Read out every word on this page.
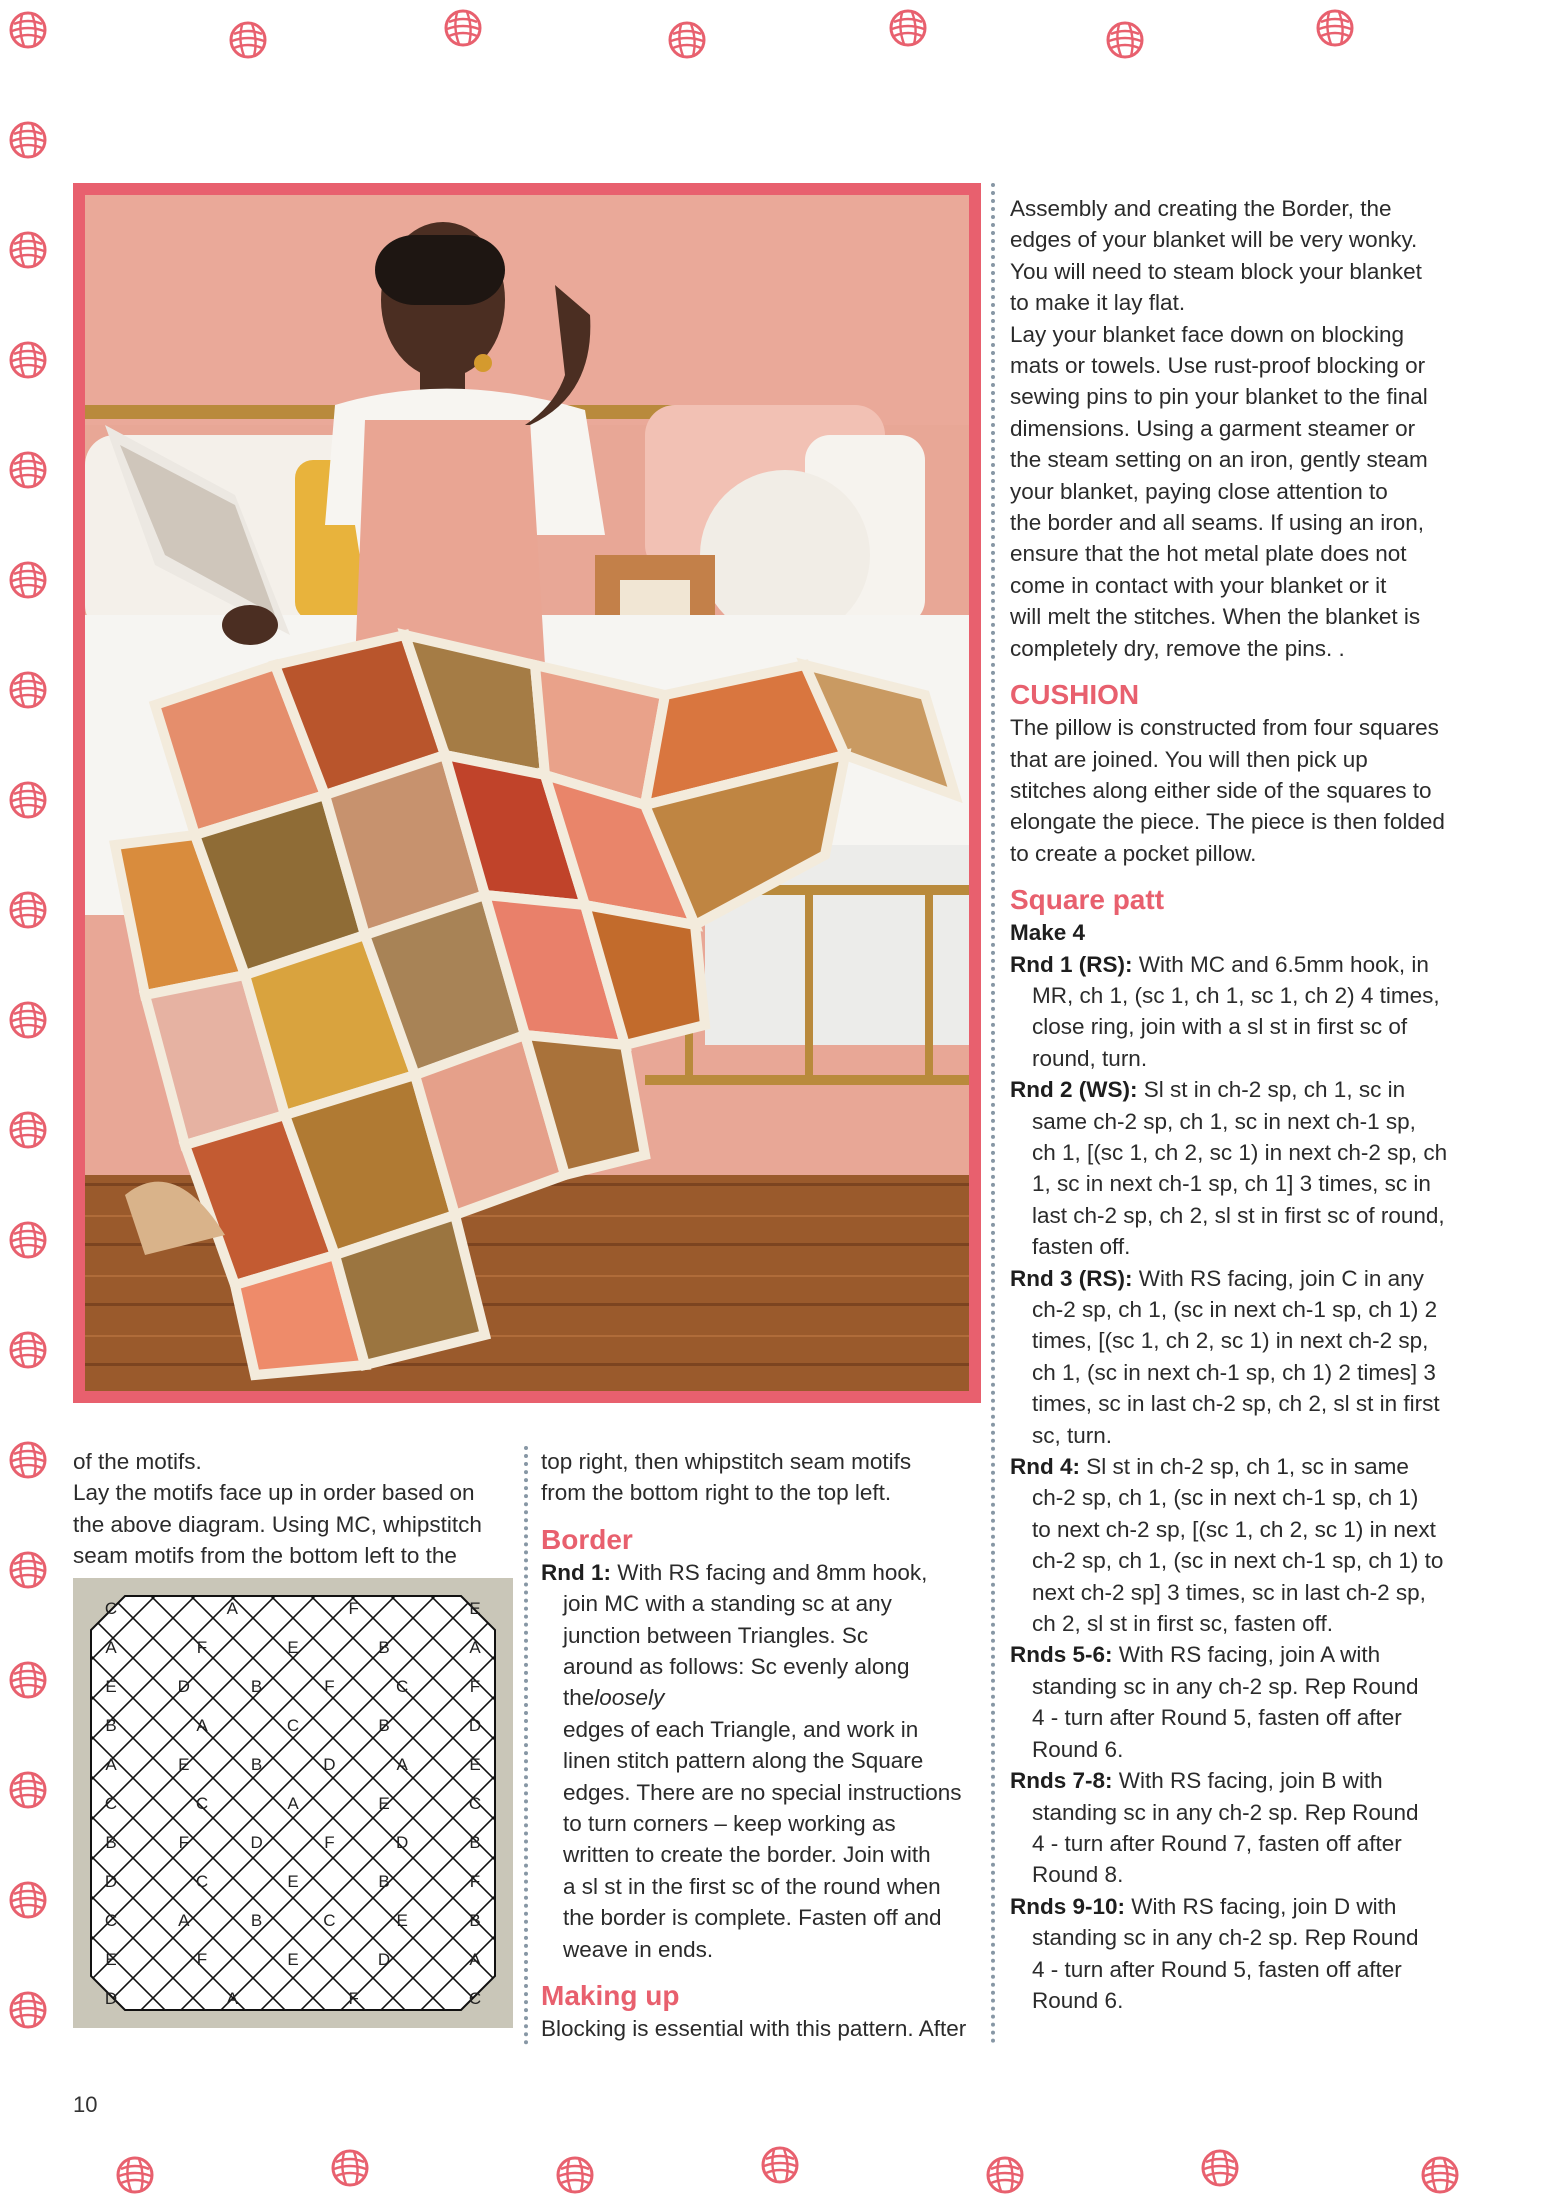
Assembly and creating the Border, the

edges of your blanket will be very wonky.

You will need to steam block your blanket

to make it lay flat.

Lay your blanket face down on blocking

mats or towels. Use rust-proof blocking or

sewing pins to pin your blanket to the final

dimensions. Using a garment steamer or

the steam setting on an iron, gently steam

your blanket, paying close attention to

the border and all seams. If using an iron,

ensure that the hot metal plate does not

come in contact with your blanket or it

will melt the stitches. When the blanket is

completely dry, remove the pins. .

CUSHION

The pillow is constructed from four squares

that are joined. You will then pick up

stitches along either side of the squares to

elongate the piece. The piece is then folded

to create a pocket pillow.

Square patt

Make 4

Rnd 1 (RS): With MC and 6.5mm hook, in
MR, ch 1, (sc 1, ch 1, sc 1, ch 2) 4 times,
close ring, join with a sl st in first sc of
round, turn.

Rnd 2 (WS): Sl st in ch-2 sp, ch 1, sc in
same ch-2 sp, ch 1, sc in next ch-1 sp,
ch 1, [(sc 1, ch 2, sc 1) in next ch-2 sp, ch
1, sc in next ch-1 sp, ch 1] 3 times, sc in
last ch-2 sp, ch 2, sl st in first sc of round,
fasten off.

Rnd 3 (RS): With RS facing, join C in any
ch-2 sp, ch 1, (sc in next ch-1 sp, ch 1) 2
times, [(sc 1, ch 2, sc 1) in next ch-2 sp,
ch 1, (sc in next ch-1 sp, ch 1) 2 times] 3
times, sc in last ch-2 sp, ch 2, sl st in first
sc, turn.

Rnd 4: Sl st in ch-2 sp, ch 1, sc in same
ch-2 sp, ch 1, (sc in next ch-1 sp, ch 1)
to next ch-2 sp, [(sc 1, ch 2, sc 1) in next
ch-2 sp, ch 1, (sc in next ch-1 sp, ch 1) to
next ch-2 sp] 3 times, sc in last ch-2 sp,
ch 2, sl st in first sc, fasten off.

Rnds 5-6: With RS facing, join A with
standing sc in any ch-2 sp. Rep Round
4 - turn after Round 5, fasten off after
Round 6.

Rnds 7-8: With RS facing, join B with
standing sc in any ch-2 sp. Rep Round
4 - turn after Round 7, fasten off after
Round 8.

Rnds 9-10: With RS facing, join D with
standing sc in any ch-2 sp. Rep Round
4 - turn after Round 5, fasten off after
Round 6.

of the motifs.

Lay the motifs face up in order based on

the above diagram. Using MC, whipstitch

seam motifs from the bottom left to the

C	A	F	E
A	F	E	B	A
E	D	B	F	C	F
B	A	C	B	D
A	E	B	D	A	E
C	C	A	E	C
B	F	D	F	D	B
D	C	E	B	F
C	A	B	C	E	B
E	F	E	D	A
D	A	F	C

top right, then whipstitch seam motifs

from the bottom right to the top left.

Border

Rnd 1: With RS facing and 8mm hook,
join MC with a standing sc at any
junction between Triangles. Sc
around as follows: Sc evenly along theloosely
edges of each Triangle, and work in
linen stitch pattern along the Square
edges. There are no special instructions
to turn corners – keep working as
written to create the border. Join with
a sl st in the first sc of the round when
the border is complete. Fasten off and
weave in ends.

Making up

Blocking is essential with this pattern. After

10
